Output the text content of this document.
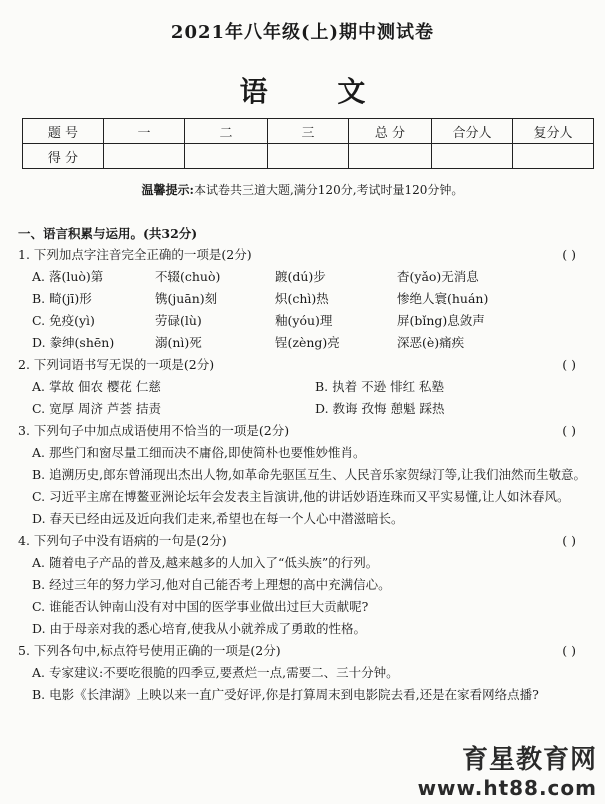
2021年八年级(上)期中测试卷
语 文
题 号	一	二	三	总 分	合分人	复分人
得 分						
温馨提示:本试卷共三道大题,满分120分,考试时量120分钟。
一、语言积累与运用。(共32分)
1. 下列加点字注音完全正确的一项是(2分)	( )
A. 落(luò)第	不辍(chuò)	踱(dú)步	杳(yǎo)无消息
B. 畸(jī)形	镌(juān)刻	炽(chì)热	惨绝人寰(huán)
C. 免疫(yì)	劳碌(lù)	釉(yóu)理	屏(bǐng)息敛声
D. 豢绅(shēn)	溺(nì)死	锃(zèng)亮	深恶(è)痛疾
2. 下列词语书写无误的一项是(2分)	( )
A. 掌故 佃农 樱花 仁慈	B. 执着 不逊 悱红 私塾
C. 宽厚 周济 芦荟 拮责	D. 教诲 孜悔 憩魁 踩热
3. 下列句子中加点成语使用不恰当的一项是(2分)	( )
A. 那些门和窗尽量工细而决不庸俗,即使简朴也要惟妙惟肖。
B. 追溯历史,郎东曾涌现出杰出人物,如革命先驱匡互生、人民音乐家贺绿汀等,让我们油然而生敬意。
C. 习近平主席在博鳌亚洲论坛年会发表主旨演讲,他的讲话妙语连珠而又平实易懂,让人如沐春风。
D. 春天已经由远及近向我们走来,希望也在每一个人心中潜滋暗长。
4. 下列句子中没有语病的一句是(2分)	( )
A. 随着电子产品的普及,越来越多的人加入了“低头族”的行列。
B. 经过三年的努力学习,他对自己能否考上理想的高中充满信心。
C. 谁能否认钟南山没有对中国的医学事业做出过巨大贡献呢?
D. 由于母亲对我的悉心培育,使我从小就养成了勇敢的性格。
5. 下列各句中,标点符号使用正确的一项是(2分)	( )
A. 专家建议:不要吃很脆的四季豆,要煮烂一点,需要二、三十分钟。
B. 电影《长津湖》上映以来一直广受好评,你是打算周末到电影院去看,还是在家看网络点播?
育星教育网
www.ht88.com
